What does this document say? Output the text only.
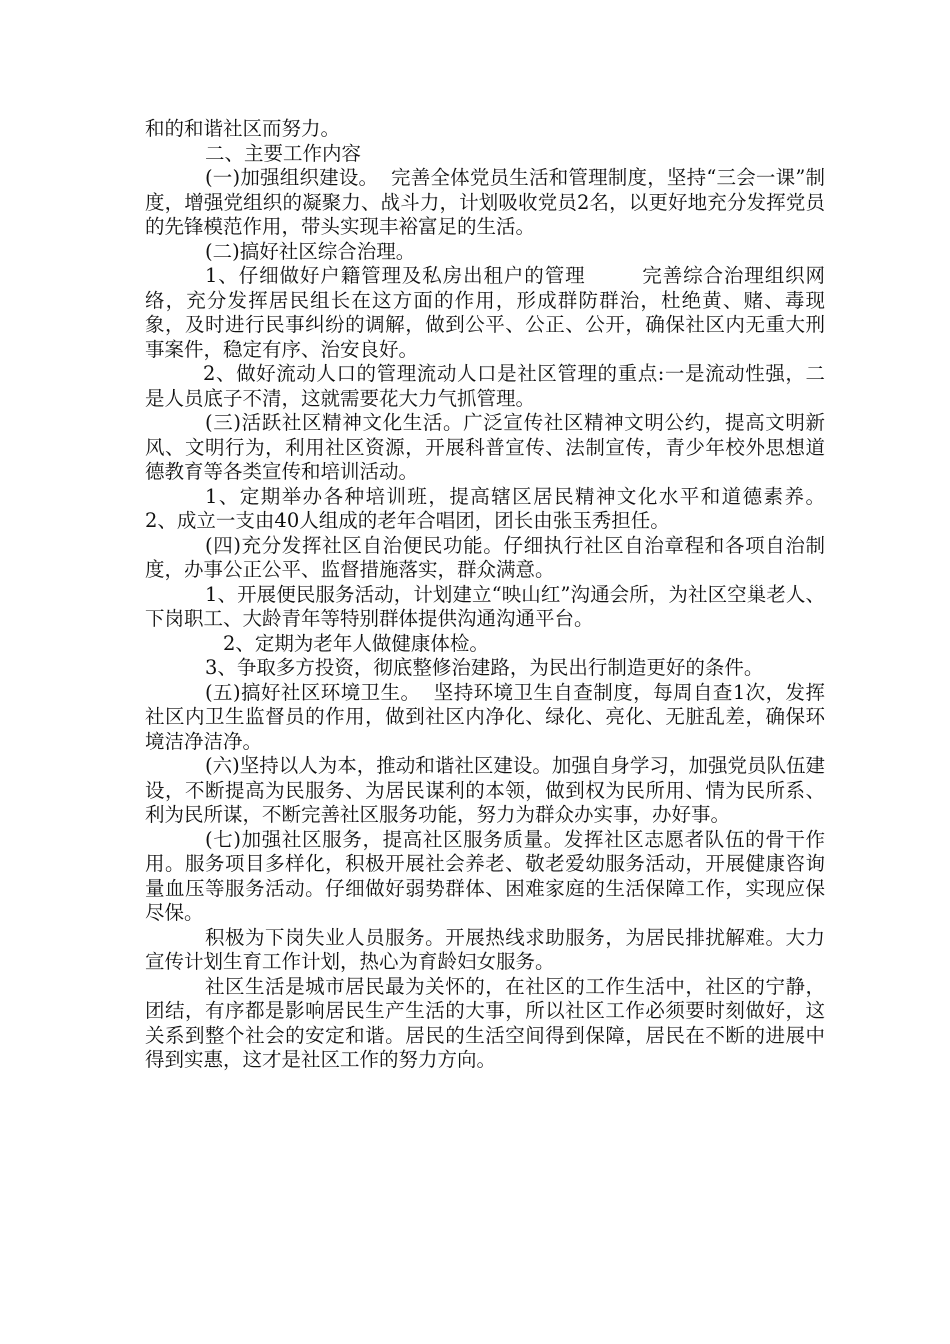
和的和谐社区而努力。

二、主要工作内容

(一)加强组织建设。  完善全体党员生活和管理制度，坚持“三会一课”制度，增强党组织的凝聚力、战斗力，计划吸收党员2名，以更好地充分发挥党员的先锋模范作用，带头实现丰裕富足的生活。

(二)搞好社区综合治理。

1、仔细做好户籍管理及私房出租户的管理        完善综合治理组织网络，充分发挥居民组长在这方面的作用，形成群防群治，杜绝黄、赌、毒现象，及时进行民事纠纷的调解，做到公平、公正、公开，确保社区内无重大刑事案件，稳定有序、治安良好。

2、做好流动人口的管理流动人口是社区管理的重点:一是流动性强，二是人员底子不清，这就需要花大力气抓管理。

(三)活跃社区精神文化生活。广泛宣传社区精神文明公约，提高文明新风、文明行为，利用社区资源，开展科普宣传、法制宣传，青少年校外思想道德教育等各类宣传和培训活动。

1、定期举办各种培训班，提高辖区居民精神文化水平和道德素养。     2、成立一支由40人组成的老年合唱团，团长由张玉秀担任。

(四)充分发挥社区自治便民功能。仔细执行社区自治章程和各项自治制度，办事公正公平、监督措施落实，群众满意。

1、开展便民服务活动，计划建立“映山红”沟通会所，为社区空巢老人、下岗职工、大龄青年等特别群体提供沟通沟通平台。

2、定期为老年人做健康体检。

3、争取多方投资，彻底整修治建路，为民出行制造更好的条件。

(五)搞好社区环境卫生。  坚持环境卫生自查制度，每周自查1次，发挥社区内卫生监督员的作用，做到社区内净化、绿化、亮化、无脏乱差，确保环境洁净洁净。

(六)坚持以人为本，推动和谐社区建设。加强自身学习，加强党员队伍建设，不断提高为民服务、为居民谋利的本领，做到权为民所用、情为民所系、利为民所谋，不断完善社区服务功能，努力为群众办实事，办好事。

(七)加强社区服务，提高社区服务质量。发挥社区志愿者队伍的骨干作用。服务项目多样化，积极开展社会养老、敬老爱幼服务活动，开展健康咨询量血压等服务活动。仔细做好弱势群体、困难家庭的生活保障工作，实现应保尽保。

积极为下岗失业人员服务。开展热线求助服务，为居民排扰解难。大力宣传计划生育工作计划，热心为育龄妇女服务。

社区生活是城市居民最为关怀的，在社区的工作生活中，社区的宁静，团结，有序都是影响居民生产生活的大事，所以社区工作必须要时刻做好，这关系到整个社会的安定和谐。居民的生活空间得到保障，居民在不断的进展中得到实惠，这才是社区工作的努力方向。
